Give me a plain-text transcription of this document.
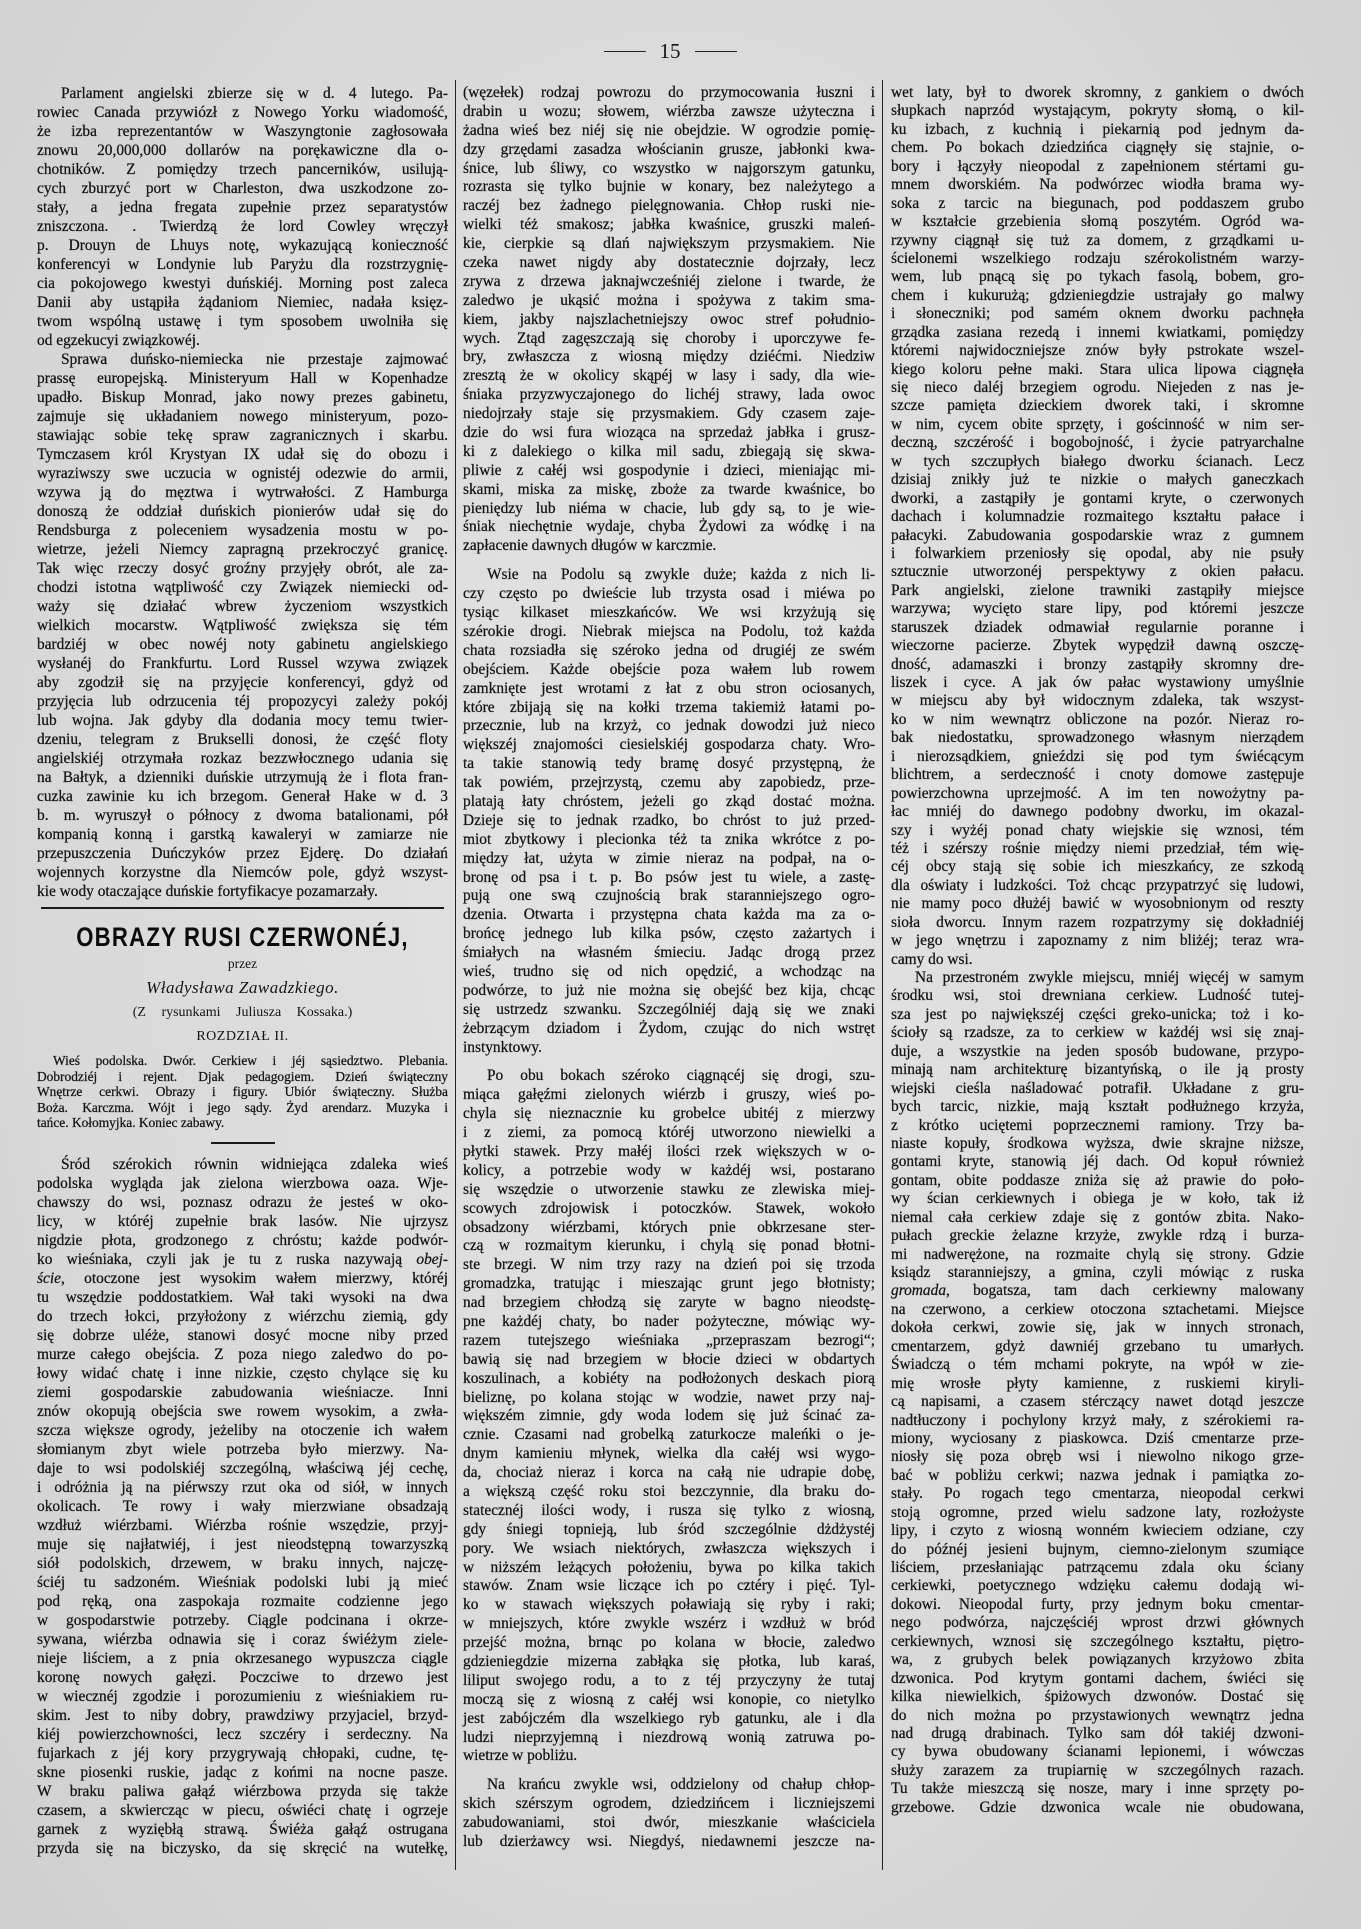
15
Parlament angielski zbierze się w d. 4 lutego. Pa-
rowiec Canada przywiózł z Nowego Yorku wiadomość,
że izba reprezentantów w Waszyngtonie zagłosowała
znowu 20,000,000 dollarów na porękawiczne dla o-
chotników. Z pomiędzy trzech pancerników, usilują-
cych zburzyć port w Charleston, dwa uszkodzone zo-
stały, a jedna fregata zupełnie przez separatystów
zniszczona. . Twierdzą że lord Cowley wręczył
p. Drouyn de Lhuys notę, wykazującą konieczność
konferencyi w Londynie lub Paryżu dla rozstrzygnię-
cia pokojowego kwestyi duńskiéj. Morning post zaleca
Danii aby ustąpiła żądaniom Niemiec, nadała księz-
twom wspólną ustawę i tym sposobem uwolniła się
od egzekucyi związkowéj.
Sprawa duńsko-niemiecka nie przestaje zajmować
prassę europejską. Ministeryum Hall w Kopenhadze
upadło. Biskup Monrad, jako nowy prezes gabinetu,
zajmuje się układaniem nowego ministeryum, pozo-
stawiając sobie tekę spraw zagranicznych i skarbu.
Tymczasem król Krystyan IX udał się do obozu i
wyraziwszy swe uczucia w ognistéj odezwie do armii,
wzywa ją do męztwa i wytrwałości. Z Hamburga
donoszą że oddział duńskich pionierów udał się do
Rendsburga z poleceniem wysadzenia mostu w po-
wietrze, jeżeli Niemcy zapragną przekroczyć granicę.
Tak więc rzeczy dosyć groźny przyjęły obrót, ale za-
chodzi istotna wątpliwość czy Związek niemiecki od-
waży się działać wbrew życzeniom wszystkich
wielkich mocarstw. Wątpliwość zwiększa się tém
bardziéj w obec nowéj noty gabinetu angielskiego
wysłanéj do Frankfurtu. Lord Russel wzywa związek
aby zgodził się na przyjęcie konferencyi, gdyż od
przyjęcia lub odrzucenia téj propozycyi zależy pokój
lub wojna. Jak gdyby dla dodania mocy temu twier-
dzeniu, telegram z Brukselli donosi, że część floty
angielskiéj otrzymała rozkaz bezzwłocznego udania się
na Bałtyk, a dzienniki duńskie utrzymują że i flota fran-
cuzka zawinie ku ich brzegom. Generał Hake w d. 3
b. m. wyruszył o północy z dwoma batalionami, pół
kompanią konną i garstką kawaleryi w zamiarze nie
przepuszczenia Duńczyków przez Ejderę. Do działań
wojennych korzystne dla Niemców pole, gdyż wszyst-
kie wody otaczające duńskie fortyfikacye pozamarzały.
OBRAZY RUSI CZERWONÉJ,
przez
Władysława Zawadzkiego.
(Z rysunkami Juliusza Kossaka.)
ROZDZIAŁ II.
Wieś podolska. Dwór. Cerkiew i jéj sąsiedztwo. Plebania.
Dobrodziéj i rejent. Djak pedagogiem. Dzień świąteczny
Wnętrze cerkwi. Obrazy i figury. Ubiór świąteczny. Służba
Boża. Karczma. Wójt i jego sądy. Żyd arendarz. Muzyka i
tańce. Kołomyjka. Koniec zabawy.
Śród szérokich równin widniejąca zdaleka wieś
podolska wygląda jak zielona wierzbowa oaza. Wje-
chawszy do wsi, poznasz odrazu że jesteś w oko-
licy, w któréj zupełnie brak lasów. Nie ujrzysz
nigdzie płota, grodzonego z chróstu; każde podwór-
ko wieśniaka, czyli jak je tu z ruska nazywają obej-
ście, otoczone jest wysokim wałem mierzwy, któréj
tu wszędzie poddostatkiem. Wał taki wysoki na dwa
do trzech łokci, przyłożony z wiérzchu ziemią, gdy
się dobrze uléże, stanowi dosyć mocne niby przed
murze całego obejścia. Z poza niego zaledwo do po-
łowy widać chatę i inne nizkie, często chylące się ku
ziemi gospodarskie zabudowania wieśniacze. Inni
znów okopują obejścia swe rowem wysokim, a zwła-
szcza większe ogrody, jeżeliby na otoczenie ich wałem
słomianym zbyt wiele potrzeba było mierzwy. Na-
daje to wsi podolskiéj szczególną, właściwą jéj cechę,
i odróżnia ją na piérwszy rzut oka od siół, w innych
okolicach. Te rowy i wały mierzwiane obsadzają
wzdłuż wiérzbami. Wiérzba rośnie wszędzie, przyj-
muje się najłatwiéj, i jest nieodstępną towarzyszką
siół podolskich, drzewem, w braku innych, najczę-
ściéj tu sadzoném. Wieśniak podolski lubi ją mieć
pod ręką, ona zaspokaja rozmaite codzienne jego
w gospodarstwie potrzeby. Ciągle podcinana i okrze-
sywana, wiérzba odnawia się i coraz świéżym ziele-
nieje liściem, a z pnia okrzesanego wypuszcza ciągle
koronę nowych gałęzi. Poczciwe to drzewo jest
w wiecznéj zgodzie i porozumieniu z wieśniakiem ru-
skim. Jest to niby dobry, prawdziwy przyjaciel, brzyd-
kiéj powierzchowności, lecz szczéry i serdeczny. Na
fujarkach z jéj kory przygrywają chłopaki, cudne, tę-
skne piosenki ruskie, jadąc z końmi na nocne pasze.
W braku paliwa gałąź wiérzbowa przyda się także
czasem, a skwiercząc w piecu, oświéci chatę i ogrzeje
garnek z wyziębłą strawą. Świéża gałąź ostrugana
przyda się na biczysko, da się skręcić na wutełkę,
(węzełek) rodzaj powrozu do przymocowania łuszni i
drabin u wozu; słowem, wiérzba zawsze użyteczna i
żadna wieś bez niéj się nie obejdzie. W ogrodzie pomię-
dzy grzędami zasadza włościanin grusze, jabłonki kwa-
śnice, lub śliwy, co wszystko w najgorszym gatunku,
rozrasta się tylko bujnie w konary, bez należytego a
raczéj bez żadnego pielęgnowania. Chłop ruski nie-
wielki téż smakosz; jabłka kwaśnice, gruszki maleń-
kie, cierpkie są dlań największym przysmakiem. Nie
czeka nawet nigdy aby dostatecznie dojrzały, lecz
zrywa z drzewa jaknajwcześniéj zielone i twarde, że
zaledwo je ukąsić można i spożywa z takim sma-
kiem, jakby najszlachetniejszy owoc stref południo-
wych. Ztąd zagęszczają się choroby i uporczywe fe-
bry, zwłaszcza z wiosną między dziéćmi. Niedziw
zresztą że w okolicy skąpéj w lasy i sady, dla wie-
śniaka przyzwyczajonego do lichéj strawy, lada owoc
niedojrzały staje się przysmakiem. Gdy czasem zaje-
dzie do wsi fura wioząca na sprzedaż jabłka i grusz-
ki z dalekiego o kilka mil sadu, zbiegają się skwa-
pliwie z całéj wsi gospodynie i dzieci, mieniając mi-
skami, miska za miskę, zboże za twarde kwaśnice, bo
pieniędzy lub niéma w chacie, lub gdy są, to je wie-
śniak niechętnie wydaje, chyba Żydowi za wódkę i na
zapłacenie dawnych długów w karczmie.
Wsie na Podolu są zwykle duże; każda z nich li-
czy często po dwieście lub trzysta osad i miéwa po
tysiąc kilkaset mieszkańców. We wsi krzyżują się
szérokie drogi. Niebrak miejsca na Podolu, toż każda
chata rozsiadła się széroko jedna od drugiéj ze swém
obejściem. Każde obejście poza wałem lub rowem
zamknięte jest wrotami z łat z obu stron ociosanych,
które zbijają się na kołki trzema takiemiż łatami po-
przecznie, lub na krzyż, co jednak dowodzi już nieco
większéj znajomości ciesielskiéj gospodarza chaty. Wro-
ta takie stanowią tedy bramę dosyć przystępną, że
tak powiém, przejrzystą, czemu aby zapobiedz, prze-
platają łaty chróstem, jeżeli go zkąd dostać można.
Dzieje się to jednak rzadko, bo chróst to już przed-
miot zbytkowy i plecionka téż ta znika wkrótce z po-
między łat, użyta w zimie nieraz na podpał, na o-
bronę od psa i t. p. Bo psów jest tu wiele, a zastę-
pują one swą czujnością brak staranniejszego ogro-
dzenia. Otwarta i przystępna chata każda ma za o-
brońcę jednego lub kilka psów, często zażartych i
śmiałych na własném śmieciu. Jadąc drogą przez
wieś, trudno się od nich opędzić, a wchodząc na
podwórze, to już nie można się obejść bez kija, chcąc
się ustrzedz szwanku. Szczególniéj dają się we znaki
żebrzącym dziadom i Żydom, czując do nich wstręt
instynktowy.
Po obu bokach széroko ciągnącéj się drogi, szu-
miąca gałęźmi zielonych wiérzb i gruszy, wieś po-
chyla się nieznacznie ku grobelce ubitéj z mierzwy
i z ziemi, za pomocą któréj utworzono niewielki a
płytki stawek. Przy małéj ilości rzek większych w o-
kolicy, a potrzebie wody w każdéj wsi, postarano
się wszędzie o utworzenie stawku ze zlewiska miej-
scowych zdrojowisk i potoczków. Stawek, wokoło
obsadzony wiérzbami, których pnie obkrzesane ster-
czą w rozmaitym kierunku, i chylą się ponad błotni-
ste brzegi. W nim trzy razy na dzień poi się trzoda
gromadzka, tratując i mieszając grunt jego błotnisty;
nad brzegiem chłodzą się zaryte w bagno nieodstę-
pne każdéj chaty, bo nader pożyteczne, mówiąc wy-
razem tutejszego wieśniaka „przepraszam bezrogi“;
bawią się nad brzegiem w błocie dzieci w obdartych
koszulinach, a kobiéty na podłożonych deskach piorą
bieliznę, po kolana stojąc w wodzie, nawet przy naj-
większém zimnie, gdy woda lodem się już ścinać za-
cznie. Czasami nad grobelką zaturkocze maleńki o je-
dnym kamieniu młynek, wielka dla całéj wsi wygo-
da, chociaż nieraz i korca na całą nie udrapie dobę,
a większą część roku stoi bezczynnie, dla braku do-
statecznéj ilości wody, i rusza się tylko z wiosną,
gdy śniegi topnieją, lub śród szczególnie dżdżystéj
pory. We wsiach niektórych, zwłaszcza większych i
w niższém leżących położeniu, bywa po kilka takich
stawów. Znam wsie liczące ich po cztéry i pięć. Tyl-
ko w stawach większych poławiają się ryby i raki;
w mniejszych, które zwykle wszérz i wzdłuż w bród
przejść można, brnąc po kolana w błocie, zaledwo
gdzieniegdzie mizerna zabłąka się płotka, lub karaś,
liliput swojego rodu, a to z téj przyczyny że tutaj
moczą się z wiosną z całéj wsi konopie, co nietylko
jest zabójczém dla wszelkiego ryb gatunku, ale i dla
ludzi nieprzyjemną i niezdrową wonią zatruwa po-
wietrze w pobliżu.
Na krańcu zwykle wsi, oddzielony od chałup chłop-
skich szérszym ogrodem, dziedzińcem i liczniejszemi
zabudowaniami, stoi dwór, mieszkanie właściciela
lub dzierżawcy wsi. Niegdyś, niedawnemi jeszcze na-
wet laty, był to dworek skromny, z gankiem o dwóch
słupkach naprzód wystającym, pokryty słomą, o kil-
ku izbach, z kuchnią i piekarnią pod jednym da-
chem. Po bokach dziedzińca ciągnęły się stajnie, o-
bory i łączyły nieopodal z zapełnionem stértami gu-
mnem dworskiém. Na podwórzec wiodła brama wy-
soka z tarcic na biegunach, pod poddaszem grubo
w kształcie grzebienia słomą poszytém. Ogród wa-
rzywny ciągnął się tuż za domem, z grządkami u-
ścielonemi wszelkiego rodzaju szérokolistném warzy-
wem, lub pnącą się po tykach fasolą, bobem, gro-
chem i kukurużą; gdzieniegdzie ustrajały go malwy
i słoneczniki; pod samém oknem dworku pachnęła
grządka zasiana rezedą i innemi kwiatkami, pomiędzy
któremi najwidoczniejsze znów były pstrokate wszel-
kiego koloru pełne maki. Stara ulica lipowa ciągnęła
się nieco daléj brzegiem ogrodu. Niejeden z nas je-
szcze pamięta dzieckiem dworek taki, i skromne
w nim, cycem obite sprzęty, i gościnność w nim ser-
deczną, szczérość i bogobojność, i życie patryarchalne
w tych szczupłych białego dworku ścianach. Lecz
dzisiaj znikły już te nizkie o małych ganeczkach
dworki, a zastąpiły je gontami kryte, o czerwonych
dachach i kolumnadzie rozmaitego kształtu pałace i
pałacyki. Zabudowania gospodarskie wraz z gumnem
i folwarkiem przeniosły się opodal, aby nie psuły
sztucznie utworzonéj perspektywy z okien pałacu.
Park angielski, zielone trawniki zastąpiły miejsce
warzywa; wycięto stare lipy, pod któremi jeszcze
staruszek dziadek odmawiał regularnie poranne i
wieczorne pacierze. Zbytek wypędził dawną oszczę-
dność, adamaszki i bronzy zastąpiły skromny dre-
liszek i cyce. A jak ów pałac wystawiony umyślnie
w miejscu aby był widocznym zdaleka, tak wszyst-
ko w nim wewnątrz obliczone na pozór. Nieraz ro-
bak niedostatku, sprowadzonego własnym nierządem
i nierozsądkiem, gnieździ się pod tym świécącym
blichtrem, a serdeczność i cnoty domowe zastępuje
powierzchowna uprzejmość. A im ten nowożytny pa-
łac mniéj do dawnego podobny dworku, im okazal-
szy i wyżéj ponad chaty wiejskie się wznosi, tém
téż i szérszy rośnie między niemi przedział, tém wię-
céj obcy stają się sobie ich mieszkańcy, ze szkodą
dla oświaty i ludzkości. Toż chcąc przypatrzyć się ludowi,
nie mamy poco dłużéj bawić w wyosobnionym od reszty
sioła dworcu. Innym razem rozpatrzymy się dokładniéj
w jego wnętrzu i zapoznamy z nim bliżéj; teraz wra-
camy do wsi.
Na przestroném zwykle miejscu, mniéj więcéj w samym
środku wsi, stoi drewniana cerkiew. Ludność tutej-
sza jest po największéj części greko-unicka; toż i ko-
ścioły są rzadsze, za to cerkiew w każdéj wsi się znaj-
duje, a wszystkie na jeden sposób budowane, przypo-
minają nam architekturę bizantyńską, o ile ją prosty
wiejski cieśla naśladować potrafił. Układane z gru-
bych tarcic, nizkie, mają kształt podłużnego krzyża,
z krótko uciętemi poprzecznemi ramiony. Trzy ba-
niaste kopuły, środkowa wyższa, dwie skrajne niższe,
gontami kryte, stanowią jéj dach. Od kopuł również
gontam, obite poddasze zniża się aż prawie do poło-
wy ścian cerkiewnych i obiega je w koło, tak iż
niemal cała cerkiew zdaje się z gontów zbita. Nako-
pułach greckie żelazne krzyże, zwykle rdzą i burza-
mi nadwerężone, na rozmaite chylą się strony. Gdzie
ksiądz staranniejszy, a gmina, czyli mówiąc z ruska
gromada, bogatsza, tam dach cerkiewny malowany
na czerwono, a cerkiew otoczona sztachetami. Miejsce
dokoła cerkwi, zowie się, jak w innych stronach,
cmentarzem, gdyż dawniéj grzebano tu umarłych.
Świadczą o tém mchami pokryte, na wpół w zie-
mię wrosłe płyty kamienne, z ruskiemi kiryli-
cą napisami, a czasem stérczący nawet dotąd jeszcze
nadtłuczony i pochylony krzyż mały, z szérokiemi ra-
miony, wyciosany z piaskowca. Dziś cmentarze prze-
niosły się poza obręb wsi i niewolno nikogo grze-
bać w pobliżu cerkwi; nazwa jednak i pamiątka zo-
stały. Po rogach tego cmentarza, nieopodal cerkwi
stoją ogromne, przed wielu sadzone laty, rozłożyste
lipy, i czyto z wiosną wonném kwieciem odziane, czy
do późnéj jesieni bujnym, ciemno-zielonym szumiące
liściem, przesłaniając patrzącemu zdala oku ściany
cerkiewki, poetycznego wdzięku całemu dodają wi-
dokowi. Nieopodal furty, przy jednym boku cmentar-
nego podwórza, najczęściéj wprost drzwi głównych
cerkiewnych, wznosi się szczególnego kształtu, piętro-
wa, z grubych belek powiązanych krzyżowo zbita
dzwonica. Pod krytym gontami dachem, świéci się
kilka niewielkich, śpiżowych dzwonów. Dostać się
do nich można po przystawionych wewnątrz jedna
nad drugą drabinach. Tylko sam dół takiéj dzwoni-
cy bywa obudowany ścianami lepionemi, i wówczas
służy zarazem za trupiarnię w szczególnych razach.
Tu także mieszczą się nosze, mary i inne sprzęty po-
grzebowe. Gdzie dzwonica wcale nie obudowana,
